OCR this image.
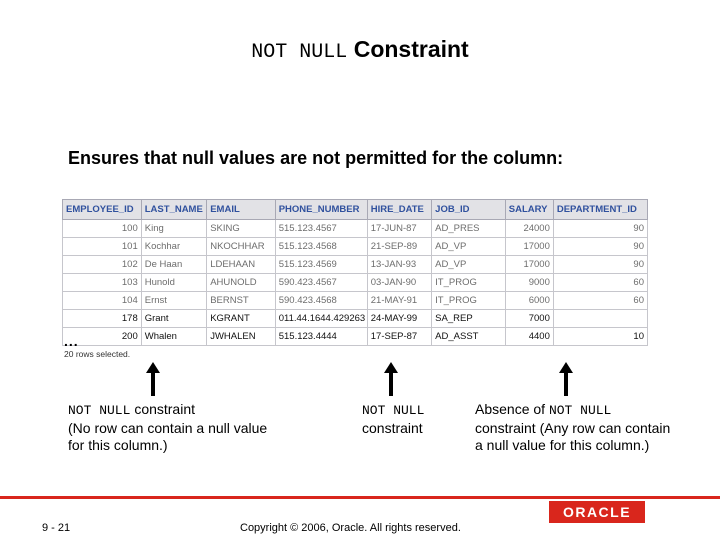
NOT NULL Constraint
Ensures that null values are not permitted for the column:
EMPLOYEE_ID	LAST_NAME	EMAIL	PHONE_NUMBER	HIRE_DATE	JOB_ID	SALARY	DEPARTMENT_ID
100	King	SKING	515.123.4567	17-JUN-87	AD_PRES	24000	90
101	Kochhar	NKOCHHAR	515.123.4568	21-SEP-89	AD_VP	17000	90
102	De Haan	LDEHAAN	515.123.4569	13-JAN-93	AD_VP	17000	90
103	Hunold	AHUNOLD	590.423.4567	03-JAN-90	IT_PROG	9000	60
104	Ernst	BERNST	590.423.4568	21-MAY-91	IT_PROG	6000	60
178	Grant	KGRANT	011.44.1644.429263	24-MAY-99	SA_REP	7000	
200	Whalen	JWHALEN	515.123.4444	17-SEP-87	AD_ASST	4400	10
...
20 rows selected.
NOT NULL constraint
(No row can contain a null value for this column.)
NOT NULL
constraint
Absence of NOT NULL
constraint (Any row can contain a null value for this column.)
9 - 21	Copyright © 2006, Oracle. All rights reserved.
ORACLE
